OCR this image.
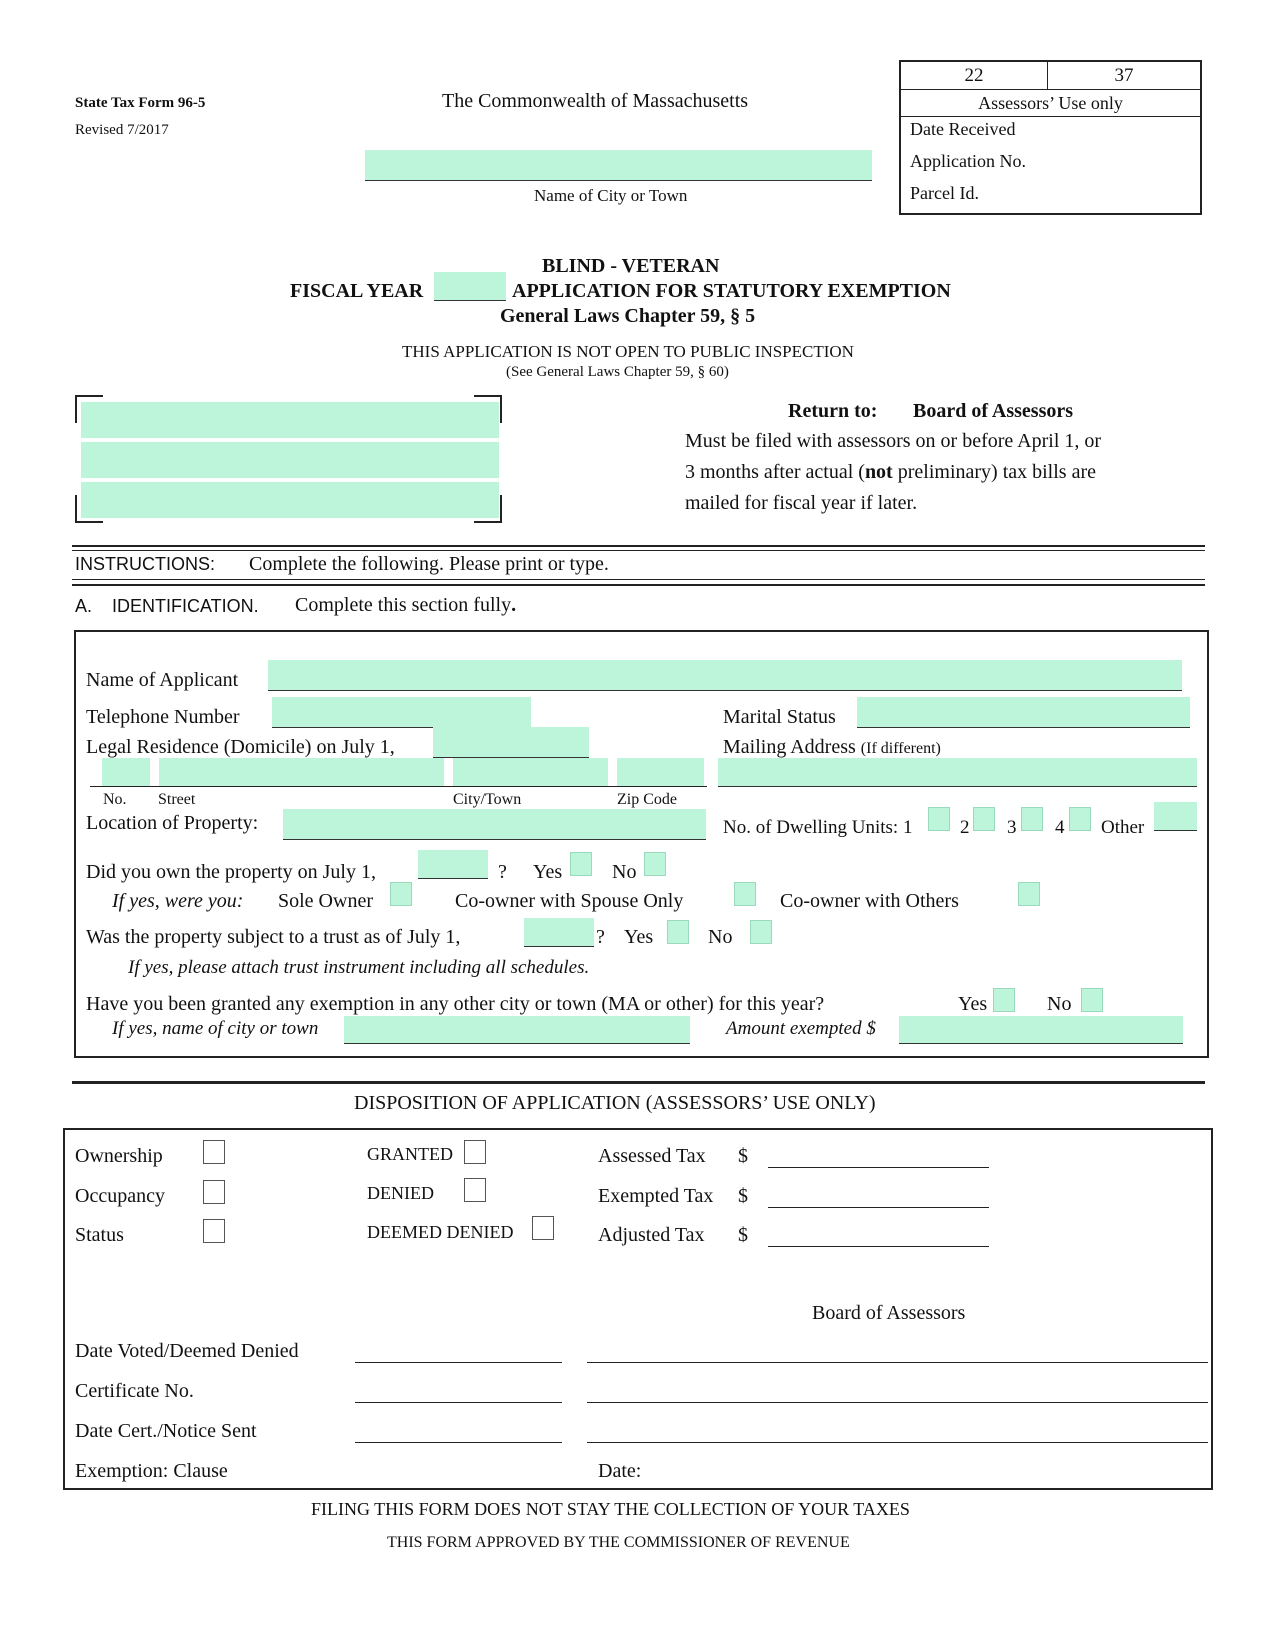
State Tax Form 96-5
Revised 7/2017
The Commonwealth of Massachusetts
Name of City or Town
22	37
Assessors’ Use only
Date Received
Application No.
Parcel Id.
BLIND - VETERAN
FISCAL YEAR	APPLICATION FOR STATUTORY EXEMPTION
General Laws Chapter 59, § 5
THIS APPLICATION IS NOT OPEN TO PUBLIC INSPECTION
(See General Laws Chapter 59, § 60)
Return to: Board of Assessors
Must be filed with assessors on or before April 1, or
3 months after actual (not preliminary) tax bills are
mailed for fiscal year if later.
INSTRUCTIONS: Complete the following. Please print or type.
A. IDENTIFICATION. Complete this section fully.
Name of Applicant
Telephone Number	Marital Status
Legal Residence (Domicile) on July 1,	Mailing Address (If different)
No. Street	City/Town	Zip Code
Location of Property:	No. of Dwelling Units: 1	2 3 4 Other
Did you own the property on July 1,	? Yes No
If yes, were you: Sole Owner	Co-owner with Spouse Only	Co-owner with Others
Was the property subject to a trust as of July 1,	? Yes	No
If yes, please attach trust instrument including all schedules.
Have you been granted any exemption in any other city or town (MA or other) for this year?	Yes	No
If yes, name of city or town	Amount exempted $
DISPOSITION OF APPLICATION (ASSESSORS’ USE ONLY)
Ownership
Occupancy
Status
GRANTED
DENIED
DEEMED DENIED
Assessed Tax $
Exempted Tax $
Adjusted Tax $
Board of Assessors
Date Voted/Deemed Denied
Certificate No.
Date Cert./Notice Sent
Exemption: Clause	Date:
FILING THIS FORM DOES NOT STAY THE COLLECTION OF YOUR TAXES
THIS FORM APPROVED BY THE COMMISSIONER OF REVENUE
